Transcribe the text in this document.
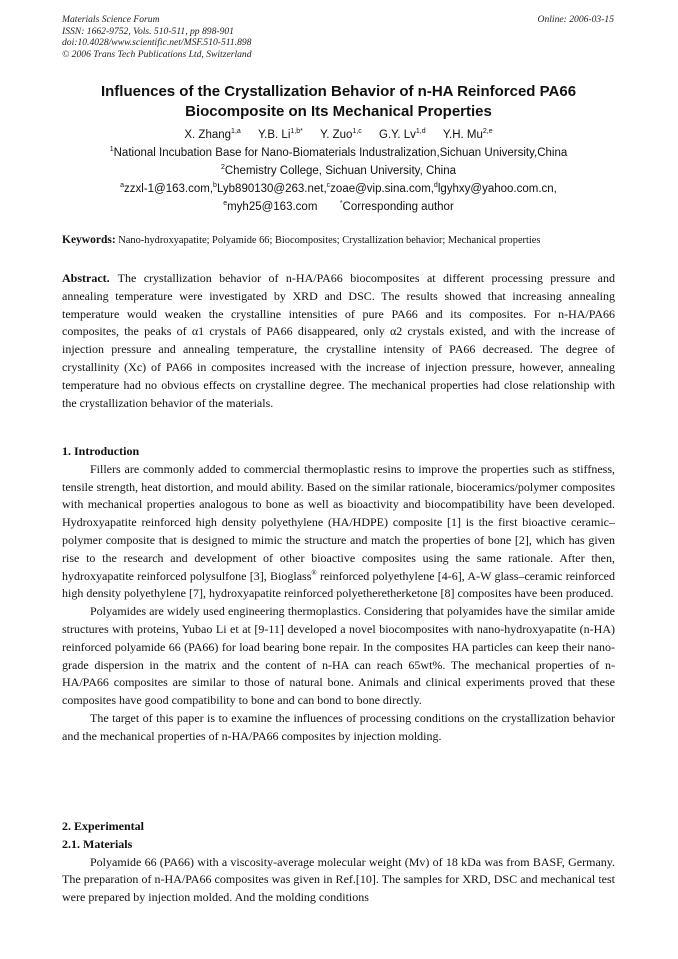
Materials Science Forum
ISSN: 1662-9752, Vols. 510-511, pp 898-901
doi:10.4028/www.scientific.net/MSF.510-511.898
© 2006 Trans Tech Publications Ltd, Switzerland
Online: 2006-03-15
Influences of the Crystallization Behavior of n-HA Reinforced PA66
Biocomposite on Its Mechanical Properties
X. Zhang$^{1,a}$ Y.B. $Li^{1,b*}$ Y. Zuo$^{1,c}$ G.Y. Lv$^{1,d}$ Y.H. Mu$^{2,e}$
$^1$National Incubation Base for Nano-Biomaterials Industralization,Sichuan University,China
$^2$Chemistry College, Sichuan University, China
$^a$zzxl-1@163.com,$^b$Lyb890130@263.net,$^c$zoae@vip.sina.com,$^d$lgyhxy@yahoo.com.cn,
$^e$myh25@163.com	*Corresponding author
Keywords: Nano-hydroxyapatite; Polyamide 66; Biocomposites; Crystallization behavior; Mechanical properties

Abstract. The crystallization behavior of n-HA/PA66 biocomposites at different processing pressure and annealing temperature were investigated by XRD and DSC. The results showed that increasing annealing temperature would weaken the crystalline intensities of pure PA66 and its composites. For n-HA/PA66 composites, the peaks of α1 crystals of PA66 disappeared, only α2 crystals existed, and with the increase of injection pressure and annealing temperature, the crystalline intensity of PA66 decreased. The degree of crystallinity (Xc) of PA66 in composites increased with the increase of injection pressure, however, annealing temperature had no obvious effects on crystalline degree. The mechanical properties had close relationship with the crystallization behavior of the materials.

1. Introduction

Fillers are commonly added to commercial thermoplastic resins to improve the properties such as stiffness, tensile strength, heat distortion, and mould ability. Based on the similar rationale, bioceramics/polymer composites with mechanical properties analogous to bone as well as bioactivity and biocompatibility have been developed. Hydroxyapatite reinforced high density polyethylene (HA/HDPE) composite [1] is the first bioactive ceramic–polymer composite that is designed to mimic the structure and match the properties of bone [2], which has given rise to the research and development of other bioactive composites using the same rationale. After then, hydroxyapatite reinforced polysulfone [3], Bioglass® reinforced polyethylene [4-6], A-W glass–ceramic reinforced high density polyethylene [7], hydroxyapatite reinforced polyetheretherketone [8] composites have been produced.

Polyamides are widely used engineering thermoplastics. Considering that polyamides have the similar amide structures with proteins, Yubao Li et at [9-11] developed a novel biocomposites with nano-hydroxyapatite (n-HA) reinforced polyamide 66 (PA66) for load bearing bone repair. In the composites HA particles can keep their nano-grade dispersion in the matrix and the content of n-HA can reach 65wt%. The mechanical properties of n-HA/PA66 composites are similar to those of natural bone. Animals and clinical experiments proved that these composites have good compatibility to bone and can bond to bone directly.

The target of this paper is to examine the influences of processing conditions on the crystallization behavior and the mechanical properties of n-HA/PA66 composites by injection molding.

2. Experimental

2.1. Materials

Polyamide 66 (PA66) with a viscosity-average molecular weight (Mv) of 18 kDa was from BASF, Germany. The preparation of n-HA/PA66 composites was given in Ref.[10]. The samples for XRD, DSC and mechanical test were prepared by injection molded. And the molding conditions
